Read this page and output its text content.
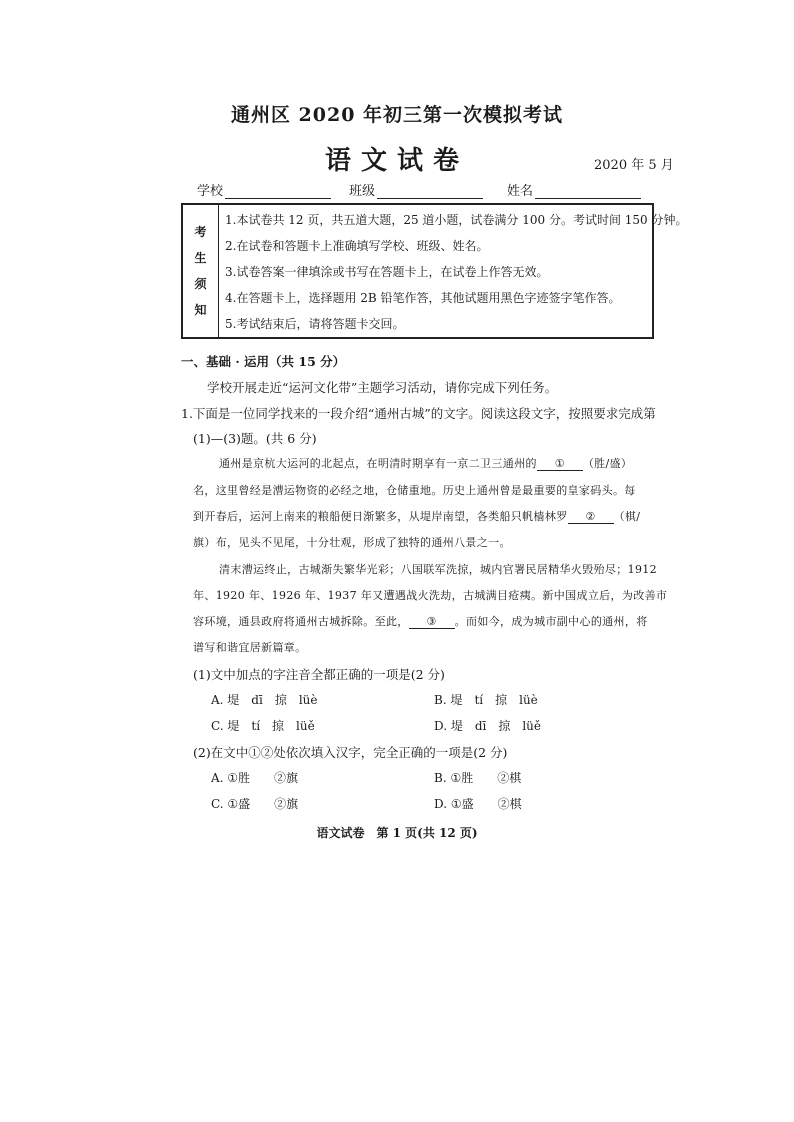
通州区 2020 年初三第一次模拟考试
语文试卷	2020 年 5 月
学校	班级	姓名
考
生
须
知
1.本试卷共 12 页，共五道大题，25 道小题，试卷满分 100 分。考试时间 150 分钟。
2.在试卷和答题卡上准确填写学校、班级、姓名。
3.试卷答案一律填涂或书写在答题卡上，在试卷上作答无效。
4.在答题卡上，选择题用 2B 铅笔作答，其他试题用黑色字迹签字笔作答。
5.考试结束后，请将答题卡交回。
一、基础 · 运用（共 15 分）
学校开展走近“运河文化带”主题学习活动，请你完成下列任务。
1.下面是一位同学找来的一段介绍“通州古城”的文字。阅读这段文字，按照要求完成第
(1)—(3)题。(共 6 分)
通州是京杭大运河的北起点，在明清时期享有一京二卫三通州的 ① （胜/盛）
名，这里曾经是漕运物资的必经之地，仓储重地。历史上通州曾是最重要的皇家码头。每
到开春后，运河上南来的粮船便日渐繁多，从堤岸南望，各类船只帆樯林罗 ② （棋/
旗）布，见头不见尾，十分壮观，形成了独特的通州八景之一。
清末漕运终止，古城渐失繁华光彩；八国联军洗掠，城内官署民居精华火毁殆尽；1912
年、1920 年、1926 年、1937 年又遭遇战火洗劫，古城满目疮痍。新中国成立后，为改善市
容环境，通县政府将通州古城拆除。至此， ③ 。而如今，成为城市副中心的通州，将
谱写和谐宜居新篇章。
(1)文中加点的字注音全都正确的一项是(2 分)
A. 堤　dī　掠　lüè	B. 堤　tí　掠　lüè
C. 堤　tí　掠　lüě	D. 堤　dī　掠　lüě
(2)在文中①②处依次填入汉字，完全正确的一项是(2 分)
A. ①胜　　②旗	B. ①胜　　②棋
C. ①盛　　②旗	D. ①盛　　②棋
语文试卷　第 1 页(共 12 页)
